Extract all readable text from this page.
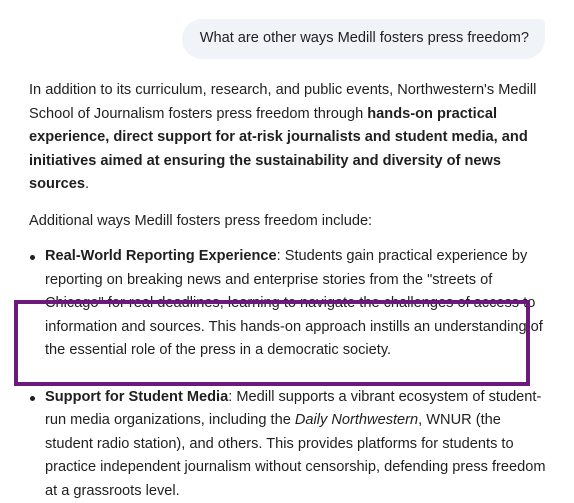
What are other ways Medill fosters press freedom?

In addition to its curriculum, research, and public events, Northwestern's Medill School of Journalism fosters press freedom through hands-on practical experience, direct support for at-risk journalists and student media, and initiatives aimed at ensuring the sustainability and diversity of news sources.

Additional ways Medill fosters press freedom include:

Real-World Reporting Experience: Students gain practical experience by reporting on breaking news and enterprise stories from the "streets of Chicago" for real deadlines, learning to navigate the challenges of access to information and sources. This hands-on approach instills an understanding of the essential role of the press in a democratic society.
Support for Student Media: Medill supports a vibrant ecosystem of student-run media organizations, including the Daily Northwestern, WNUR (the student radio station), and others. This provides platforms for students to practice independent journalism without censorship, defending press freedom at a grassroots level.
